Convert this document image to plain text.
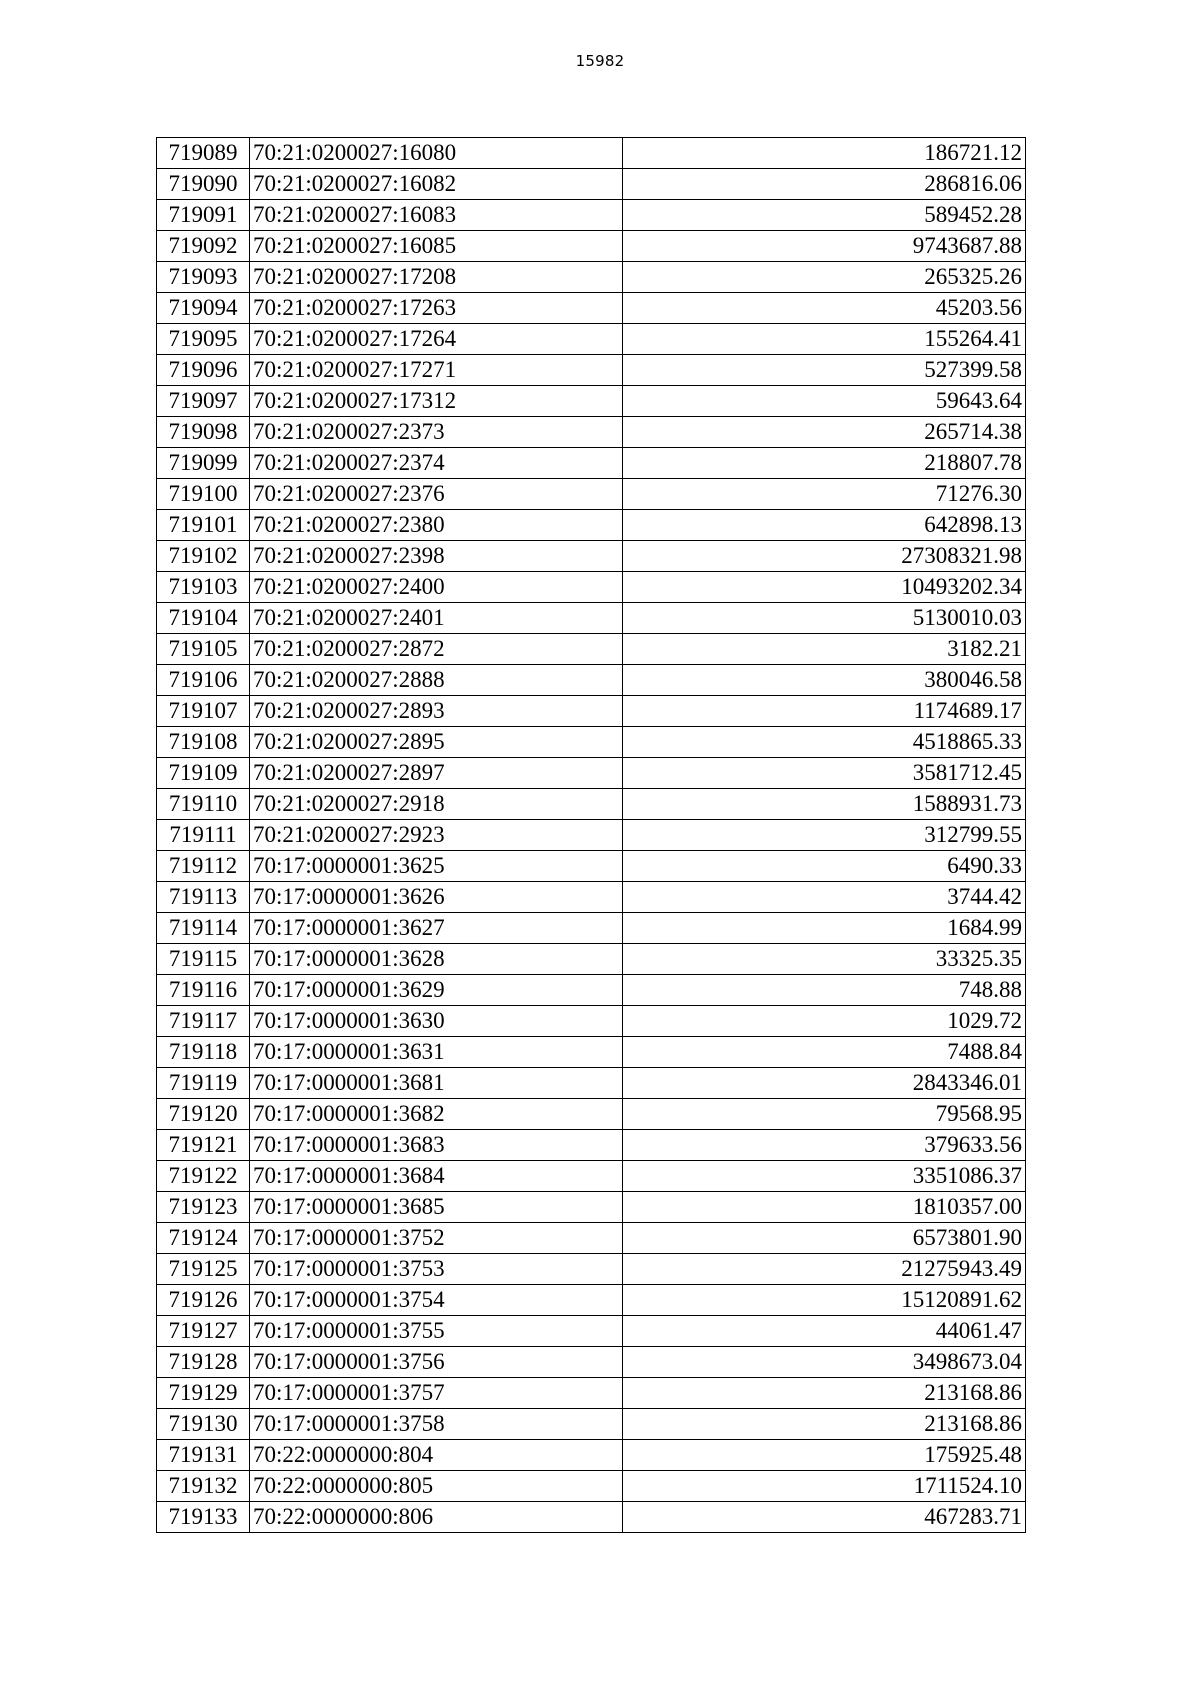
15982
719089	70:21:0200027:16080	186721.12
719090	70:21:0200027:16082	286816.06
719091	70:21:0200027:16083	589452.28
719092	70:21:0200027:16085	9743687.88
719093	70:21:0200027:17208	265325.26
719094	70:21:0200027:17263	45203.56
719095	70:21:0200027:17264	155264.41
719096	70:21:0200027:17271	527399.58
719097	70:21:0200027:17312	59643.64
719098	70:21:0200027:2373	265714.38
719099	70:21:0200027:2374	218807.78
719100	70:21:0200027:2376	71276.30
719101	70:21:0200027:2380	642898.13
719102	70:21:0200027:2398	27308321.98
719103	70:21:0200027:2400	10493202.34
719104	70:21:0200027:2401	5130010.03
719105	70:21:0200027:2872	3182.21
719106	70:21:0200027:2888	380046.58
719107	70:21:0200027:2893	1174689.17
719108	70:21:0200027:2895	4518865.33
719109	70:21:0200027:2897	3581712.45
719110	70:21:0200027:2918	1588931.73
719111	70:21:0200027:2923	312799.55
719112	70:17:0000001:3625	6490.33
719113	70:17:0000001:3626	3744.42
719114	70:17:0000001:3627	1684.99
719115	70:17:0000001:3628	33325.35
719116	70:17:0000001:3629	748.88
719117	70:17:0000001:3630	1029.72
719118	70:17:0000001:3631	7488.84
719119	70:17:0000001:3681	2843346.01
719120	70:17:0000001:3682	79568.95
719121	70:17:0000001:3683	379633.56
719122	70:17:0000001:3684	3351086.37
719123	70:17:0000001:3685	1810357.00
719124	70:17:0000001:3752	6573801.90
719125	70:17:0000001:3753	21275943.49
719126	70:17:0000001:3754	15120891.62
719127	70:17:0000001:3755	44061.47
719128	70:17:0000001:3756	3498673.04
719129	70:17:0000001:3757	213168.86
719130	70:17:0000001:3758	213168.86
719131	70:22:0000000:804	175925.48
719132	70:22:0000000:805	1711524.10
719133	70:22:0000000:806	467283.71
